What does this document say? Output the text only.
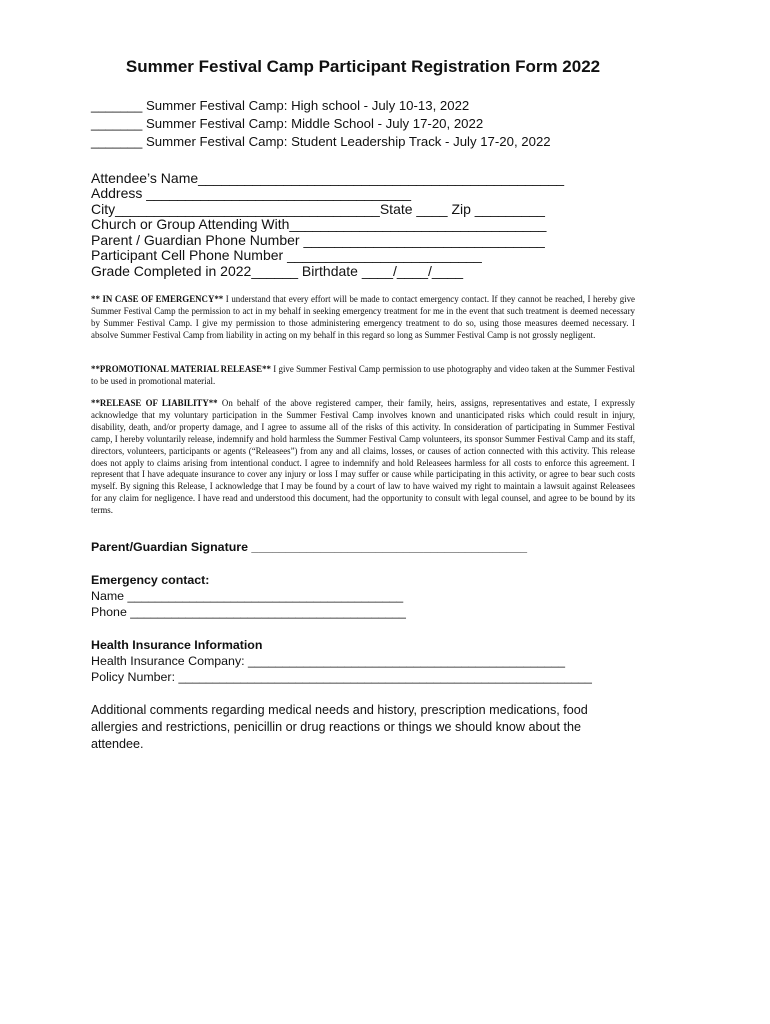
Summer Festival Camp Participant Registration Form 2022
_______ Summer Festival Camp: High school - July 10-13, 2022
_______ Summer Festival Camp: Middle School - July 17-20, 2022
_______ Summer Festival Camp: Student Leadership Track - July 17-20, 2022
Attendee’s Name_______________________________________________
Address __________________________________
City__________________________________State ____ Zip _________
Church or Group Attending With_________________________________
Parent / Guardian Phone Number _______________________________
Participant Cell Phone Number _________________________
Grade Completed in 2022______ Birthdate ____/____/____

** IN CASE OF EMERGENCY** I understand that every effort will be made to contact emergency contact. If they cannot be reached, I hereby give Summer Festival Camp the permission to act in my behalf in seeking emergency treatment for me in the event that such treatment is deemed necessary by Summer Festival Camp. I give my permission to those administering emergency treatment to do so, using those measures deemed necessary. I absolve Summer Festival Camp from liability in acting on my behalf in this regard so long as Summer Festival Camp is not grossly negligent.

**PROMOTIONAL MATERIAL RELEASE** I give Summer Festival Camp permission to use photography and video taken at the Summer Festival to be used in promotional material.

**RELEASE OF LIABILITY** On behalf of the above registered camper, their family, heirs, assigns, representatives and estate, I expressly acknowledge that my voluntary participation in the Summer Festival Camp involves known and unanticipated risks which could result in injury, disability, death, and/or property damage, and I agree to assume all of the risks of this activity. In consideration of participating in Summer Festival camp, I hereby voluntarily release, indemnify and hold harmless the Summer Festival Camp volunteers, its sponsor Summer Festival Camp and its staff, directors, volunteers, participants or agents (“Releasees”) from any and all claims, losses, or causes of action connected with this activity. This release does not apply to claims arising from intentional conduct. I agree to indemnify and hold Releasees harmless for all costs to enforce this agreement. I represent that I have adequate insurance to cover any injury or loss I may suffer or cause while participating in this activity, or agree to bear such costs myself. By signing this Release, I acknowledge that I may be found by a court of law to have waived my right to maintain a lawsuit against Releasees for any claim for negligence. I have read and understood this document, had the opportunity to consult with legal counsel, and agree to be bound by its terms.

Parent/Guardian Signature ________________________________________
Emergency contact:
Name ________________________________________
Phone ________________________________________
Health Insurance Information
Health Insurance Company: ______________________________________________
Policy Number: ____________________________________________________________

Additional comments regarding medical needs and history, prescription medications, food allergies and restrictions, penicillin or drug reactions or things we should know about the attendee.
